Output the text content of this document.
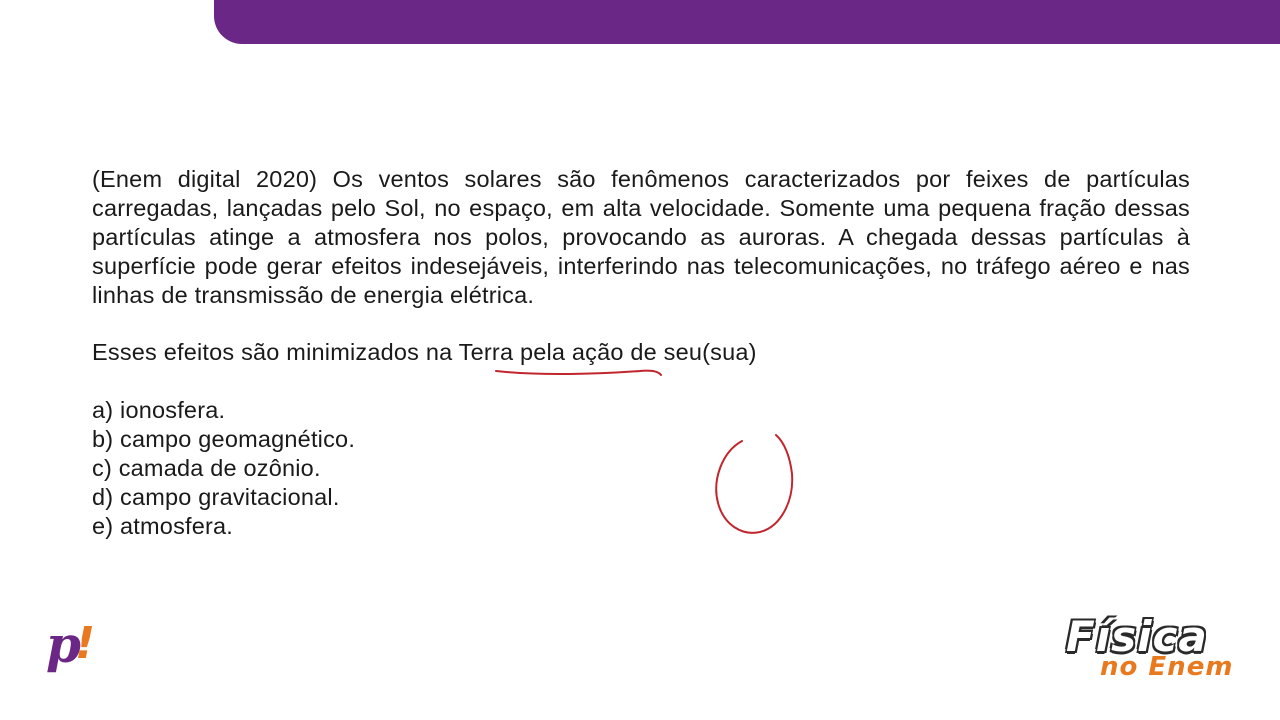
(Enem digital 2020) Os ventos solares são fenômenos caracterizados por feixes de partículas carregadas, lançadas pelo Sol, no espaço, em alta velocidade. Somente uma pequena fração dessas partículas atinge a atmosfera nos polos, provocando as auroras. A chegada dessas partículas à superfície pode gerar efeitos indesejáveis, interferindo nas telecomunicações, no tráfego aéreo e nas linhas de transmissão de energia elétrica.
Esses efeitos são minimizados na Terra pela ação de seu(sua)
a) ionosfera.
b) campo geomagnético.
c) camada de ozônio.
d) campo gravitacional.
e) atmosfera.
p
!	Física
no Enem
